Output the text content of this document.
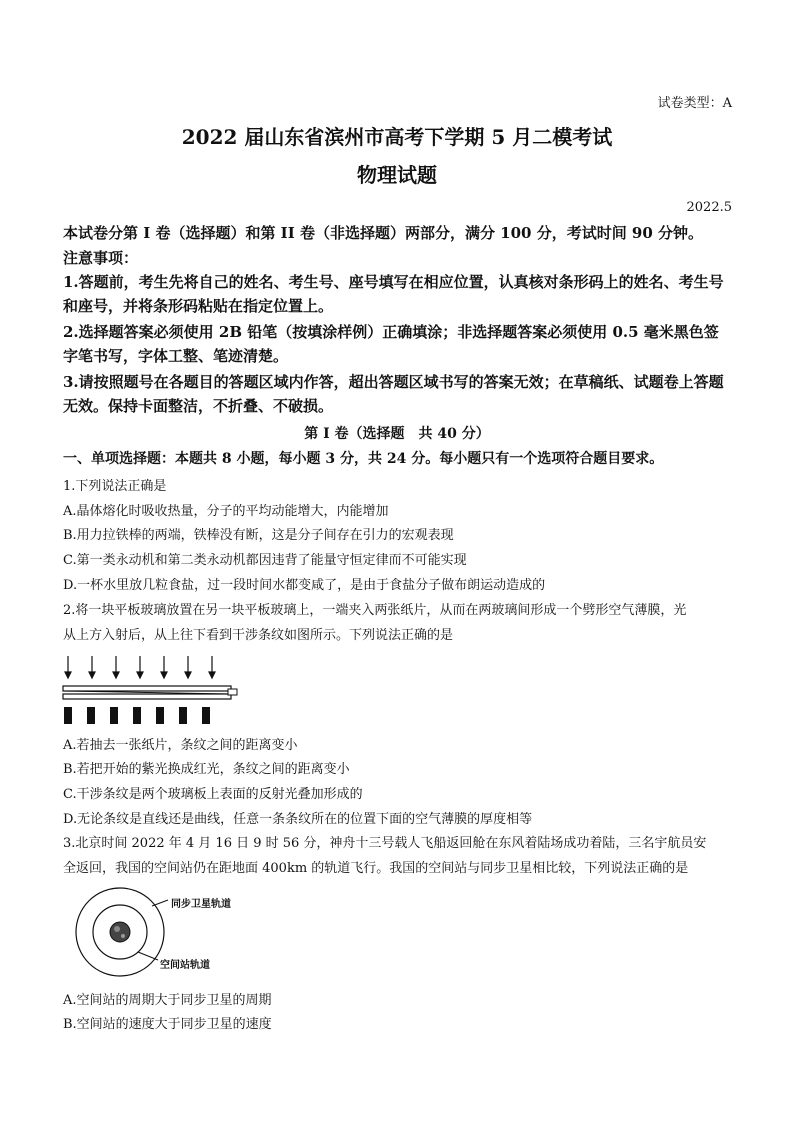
试卷类型：A
2022 届山东省滨州市高考下学期 5 月二模考试
物理试题
2022.5
本试卷分第 I 卷（选择题）和第 II 卷（非选择题）两部分，满分 100 分，考试时间 90 分钟。
注意事项：
1.答题前，考生先将自己的姓名、考生号、座号填写在相应位置，认真核对条形码上的姓名、考生号和座号，并将条形码粘贴在指定位置上。
2.选择题答案必须使用 2B 铅笔（按填涂样例）正确填涂；非选择题答案必须使用 0.5 毫米黑色签字笔书写，字体工整、笔迹清楚。
3.请按照题号在各题目的答题区域内作答，超出答题区域书写的答案无效；在草稿纸、试题卷上答题无效。保持卡面整洁，不折叠、不破损。
第 I 卷（选择题　共 40 分）
一、单项选择题：本题共 8 小题，每小题 3 分，共 24 分。每小题只有一个选项符合题目要求。
1.下列说法正确是
A.晶体熔化时吸收热量，分子的平均动能增大，内能增加
B.用力拉铁棒的两端，铁棒没有断，这是分子间存在引力的宏观表现
C.第一类永动机和第二类永动机都因违背了能量守恒定律而不可能实现
D.一杯水里放几粒食盐，过一段时间水都变咸了，是由于食盐分子做布朗运动造成的
2.将一块平板玻璃放置在另一块平板玻璃上，一端夹入两张纸片，从而在两玻璃间形成一个劈形空气薄膜，光
从上方入射后，从上往下看到干涉条纹如图所示。下列说法正确的是
A.若抽去一张纸片，条纹之间的距离变小
B.若把开始的紫光换成红光，条纹之间的距离变小
C.干涉条纹是两个玻璃板上表面的反射光叠加形成的
D.无论条纹是直线还是曲线，任意一条条纹所在的位置下面的空气薄膜的厚度相等
3.北京时间 2022 年 4 月 16 日 9 时 56 分，神舟十三号载人飞船返回舱在东风着陆场成功着陆，三名宇航员安
全返回，我国的空间站仍在距地面 400km 的轨道飞行。我国的空间站与同步卫星相比较，下列说法正确的是
同步卫星轨道
空间站轨道
A.空间站的周期大于同步卫星的周期
B.空间站的速度大于同步卫星的速度
